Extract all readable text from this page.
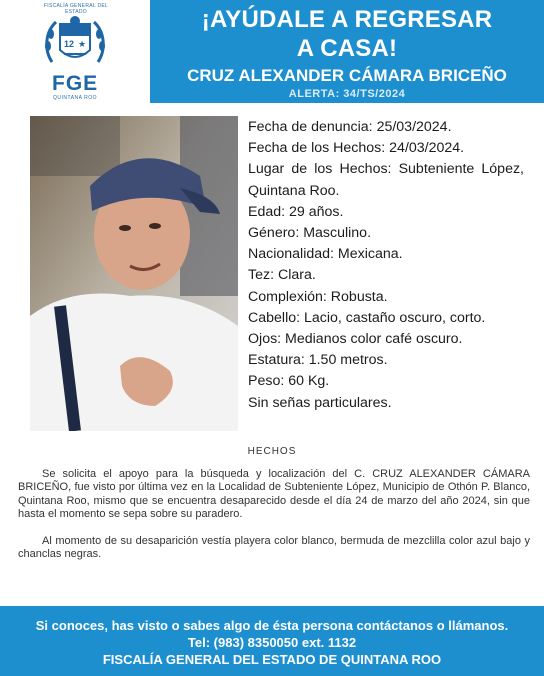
FISCALÍA GENERAL DEL ESTADO
12 ★
FGE
QUINTANA ROO
¡AYÚDALE A REGRESAR
A CASA!
CRUZ ALEXANDER CÁMARA BRICEÑO
ALERTA: 34/TS/2024
Fecha de denuncia: 25/03/2024.
Fecha de los Hechos: 24/03/2024.
Lugar de los Hechos: Subteniente López, Quintana Roo.
Edad: 29 años.
Género: Masculino.
Nacionalidad: Mexicana.
Tez: Clara.
Complexión: Robusta.
Cabello: Lacio, castaño oscuro, corto.
Ojos: Medianos color café oscuro.
Estatura: 1.50 metros.
Peso: 60 Kg.
Sin señas particulares.
HECHOS

Se solicita el apoyo para la búsqueda y localización del C. CRUZ ALEXANDER CÁMARA BRICEÑO, fue visto por última vez en la Localidad de Subteniente López, Municipio de Othón P. Blanco, Quintana Roo, mismo que se encuentra desaparecido desde el día 24 de marzo del año 2024, sin que hasta el momento se sepa sobre su paradero.

Al momento de su desaparición vestía playera color blanco, bermuda de mezclilla color azul bajo y chanclas negras.

Si conoces, has visto o sabes algo de ésta persona contáctanos o llámanos.
Tel: (983) 8350050 ext. 1132
FISCALÍA GENERAL DEL ESTADO DE QUINTANA ROO
